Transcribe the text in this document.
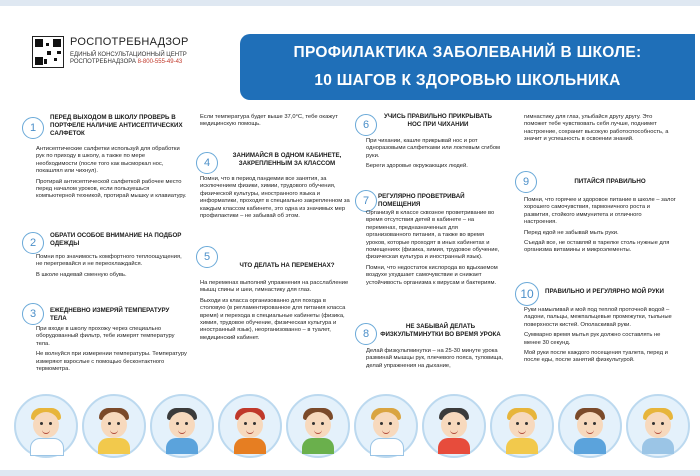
РОСПОТРЕБНАДЗОР
ЕДИНЫЙ КОНСУЛЬТАЦИОННЫЙ ЦЕНТР
РОСПОТРЕБНАДЗОРА 8-800-555-49-43
ПРОФИЛАКТИКА ЗАБОЛЕВАНИЙ В ШКОЛЕ:
10 ШАГОВ К ЗДОРОВЬЮ ШКОЛЬНИКА
1
ПЕРЕД ВЫХОДОМ В ШКОЛУ ПРОВЕРЬ В ПОРТФЕЛЕ НАЛИЧИЕ АНТИСЕПТИЧЕСКИХ САЛФЕТОК

Антисептические салфетки используй для обработки рук по приходу в школу, а также по мере необходимости (после того как высморкал нос, покашлял или чихнул).

Протирай антисептической салфеткой рабочее место перед началом уроков, если пользуешься компьютерной техникой, протирай мышку и клавиатуру.

2
ОБРАТИ ОСОБОЕ ВНИМАНИЕ НА ПОДБОР ОДЕЖДЫ

Помни про значимость комфортного теплоощущения, не перегревайся и не переохлаждайся.

В школе надевай сменную обувь.

3	ЕЖЕДНЕВНО ИЗМЕРЯЙ ТЕМПЕРАТУРУ ТЕЛА

При входе в школу прохожу через специально оборудованный фильтр, тебе измерят температуру тела.

Не волнуйся при измерении температуры. Температуру измеряют взрослые с помощью бесконтактного термометра.

Если температура будет выше 37,0°С, тебе окажут медицинскую помощь.

4
ЗАНИМАЙСЯ В ОДНОМ КАБИНЕТЕ, ЗАКРЕПЛЕННЫМ ЗА КЛАССОМ

Помни, что в период пандемии все занятия, за исключением физики, химии, трудового обучения, физической культуры, иностранного языка и информатики, проходят в специально закрепленном за каждым классом кабинете, это одна из значимых мер профилактики – не забывай об этом.

5
ЧТО ДЕЛАТЬ НА ПЕРЕМЕНАХ?

На переменах выполняй упражнения на расслабление мышц спины и шеи, гимнастику для глаз.

Выходи из класса организованно для похода в столовую (в регламентированное для питания класса время) и перехода в специальные кабинеты (физика, химия, трудовое обучение, физическая культура и иностранный язык), неорганизованно – в туалет, медицинский кабинет.

6
УЧИСЬ ПРАВИЛЬНО ПРИКРЫВАТЬ НОС ПРИ ЧИХАНИИ

При чихании, кашле прикрывай нос и рот одноразовыми салфетками или локтевым сгибом руки.

Береги здоровье окружающих людей.

7	РЕГУЛЯРНО ПРОВЕТРИВАЙ ПОМЕЩЕНИЯ

Организуй в классе сквозное проветривание во время отсутствия детей в кабинете – на переменах, предназначенных для организованного питания, а также во время уроков, которые проходят в иных кабинетах и помещениях (физика, химия, трудовое обучение, физическая культура и иностранный язык).

Помни, что недостаток кислорода во вдыхаемом воздухе ухудшает самочувствие и снижает устойчивость организма к вирусам и бактериям.

8
НЕ ЗАБЫВАЙ ДЕЛАТЬ ФИЗКУЛЬТМИНУТКИ ВО ВРЕМЯ УРОКА

Делай физкультминутки – на 25-30 минуте урока разминай мышцы рук, плечевого пояса, туловища, делай упражнения на дыхание,

гимнастику для глаз, улыбайся другу другу. Это поможет тебе чувствовать себя лучше, поднимет настроение, сохранит высокую работоспособность, а значит и успешность в освоении знаний.

9	ПИТАЙСЯ ПРАВИЛЬНО

Помни, что горячее и здоровое питание в школе – залог хорошего самочувствия, гармоничного роста и развития, стойкого иммунитета и отличного настроения.

Перед едой не забывай мыть руки.

Съедай все, не оставляй в тарелке столь нужные для организма витамины и микроэлементы.

10	ПРАВИЛЬНО И РЕГУЛЯРНО МОЙ РУКИ

Руки намыливай и мой под теплой проточной водой – ладони, пальцы, межпальцевые промежутки, тыльные поверхности кистей. Ополаскивай руки.

Суммарно время мытья рук должно составлять не менее 30 секунд.

Мой руки после каждого посещения туалета, перед и после еды, после занятий физкультурой.
